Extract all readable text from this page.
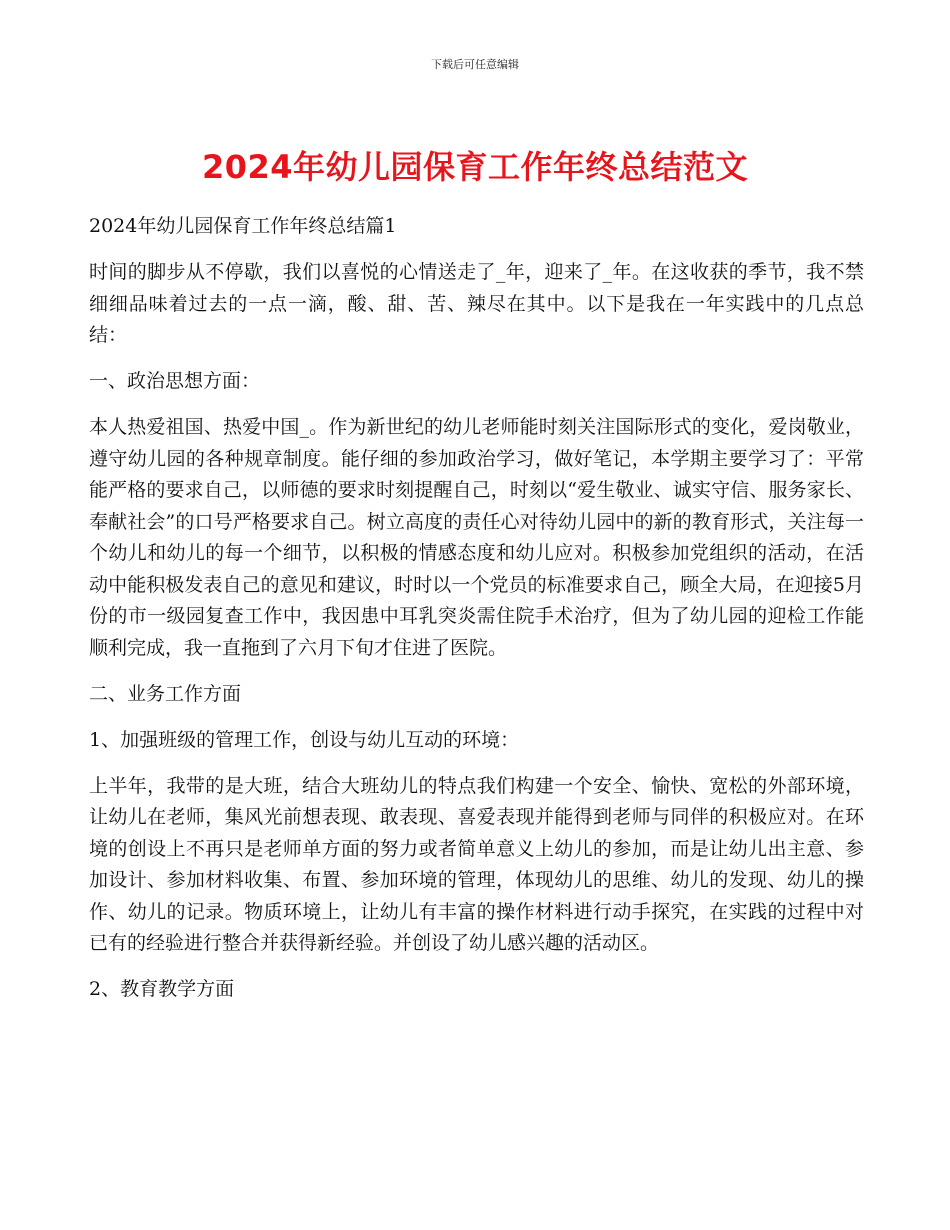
下载后可任意编辑
2024年幼儿园保育工作年终总结范文

2024年幼儿园保育工作年终总结篇1

时间的脚步从不停歇，我们以喜悦的心情送走了_年，迎来了_年。在这收获的季节，我不禁细细品味着过去的一点一滴，酸、甜、苦、辣尽在其中。以下是我在一年实践中的几点总结：

一、政治思想方面：

本人热爱祖国、热爱中国_。作为新世纪的幼儿老师能时刻关注国际形式的变化，爱岗敬业，遵守幼儿园的各种规章制度。能仔细的参加政治学习，做好笔记，本学期主要学习了：平常能严格的要求自己，以师德的要求时刻提醒自己，时刻以“爱生敬业、诚实守信、服务家长、奉献社会”的口号严格要求自己。树立高度的责任心对待幼儿园中的新的教育形式，关注每一个幼儿和幼儿的每一个细节，以积极的情感态度和幼儿应对。积极参加党组织的活动，在活动中能积极发表自己的意见和建议，时时以一个党员的标准要求自己，顾全大局，在迎接5月份的市一级园复查工作中，我因患中耳乳突炎需住院手术治疗，但为了幼儿园的迎检工作能顺利完成，我一直拖到了六月下旬才住进了医院。

二、业务工作方面

1、加强班级的管理工作，创设与幼儿互动的环境：

上半年，我带的是大班，结合大班幼儿的特点我们构建一个安全、愉快、宽松的外部环境，让幼儿在老师，集风光前想表现、敢表现、喜爱表现并能得到老师与同伴的积极应对。在环境的创设上不再只是老师单方面的努力或者简单意义上幼儿的参加，而是让幼儿出主意、参加设计、参加材料收集、布置、参加环境的管理，体现幼儿的思维、幼儿的发现、幼儿的操作、幼儿的记录。物质环境上，让幼儿有丰富的操作材料进行动手探究，在实践的过程中对已有的经验进行整合并获得新经验。并创设了幼儿感兴趣的活动区。

2、教育教学方面
